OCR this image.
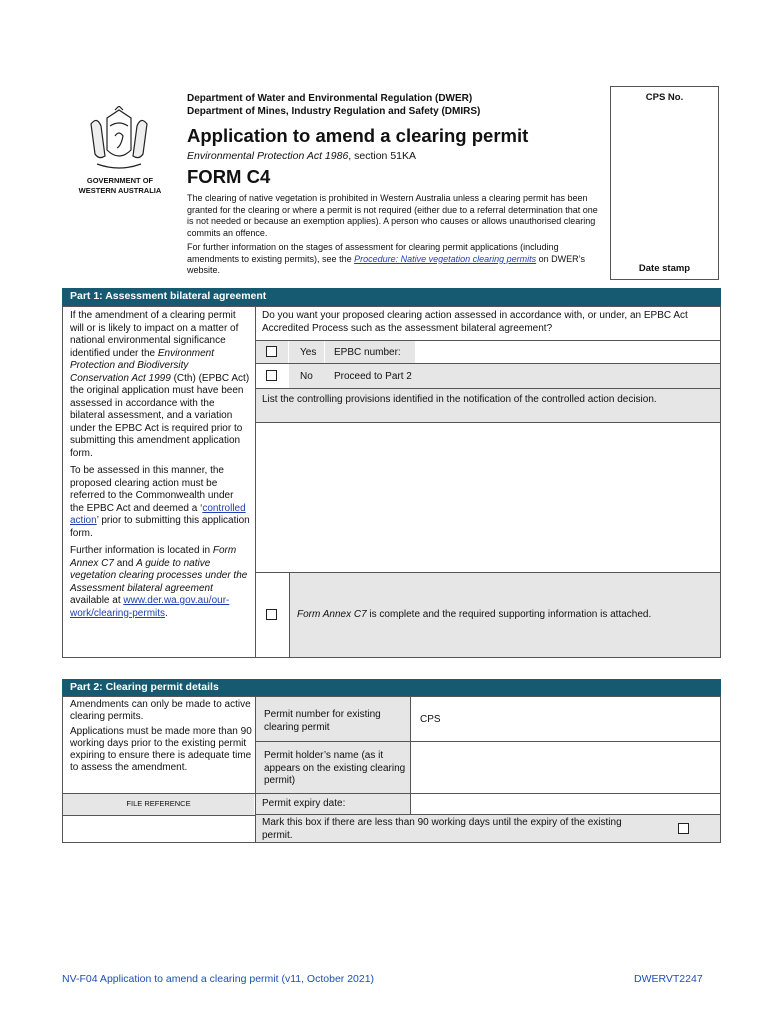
GOVERNMENT OF
WESTERN AUSTRALIA
Department of Water and Environmental Regulation (DWER)
Department of Mines, Industry Regulation and Safety (DMIRS)
Application to amend a clearing permit
Environmental Protection Act 1986, section 51KA
FORM C4

The clearing of native vegetation is prohibited in Western Australia unless a clearing permit has been granted for the clearing or where a permit is not required (either due to a referral determination that one is not needed or because an exemption applies). A person who causes or allows unauthorised clearing commits an offence.

For further information on the stages of assessment for clearing permit applications (including amendments to existing permits), see the Procedure: Native vegetation clearing permits on DWER’s website.

CPS No.
Date stamp
Part 1: Assessment bilateral agreement
If the amendment of a clearing permit will or is likely to impact on a matter of national environmental significance identified under the Environment Protection and Biodiversity Conservation Act 1999 (Cth) (EPBC Act) the original application must have been assessed in accordance with the bilateral assessment, and a variation under the EPBC Act is required prior to submitting this amendment application form.
To be assessed in this manner, the proposed clearing action must be referred to the Commonwealth under the EPBC Act and deemed a ‘controlled action’ prior to submitting this application form.
Further information is located in Form Annex C7 and A guide to native vegetation clearing processes under the Assessment bilateral agreement available at www.der.wa.gov.au/our-work/clearing-permits.
Do you want your proposed clearing action assessed in accordance with, or under, an EPBC Act Accredited Process such as the assessment bilateral agreement?
Yes EPBC number:
No Proceed to Part 2
List the controlling provisions identified in the notification of the controlled action decision.
Form Annex C7 is complete and the required supporting information is attached.
Part 2: Clearing permit details
Amendments can only be made to active clearing permits.
Applications must be made more than 90 working days prior to the existing permit expiring to ensure there is adequate time to assess the amendment.
FILE REFERENCE
Permit number for existing clearing permit
CPS
Permit holder’s name (as it appears on the existing clearing permit)
Permit expiry date:
Mark this box if there are less than 90 working days until the expiry of the existing permit.
NV-F04 Application to amend a clearing permit (v11, October 2021)	DWERVT2247
